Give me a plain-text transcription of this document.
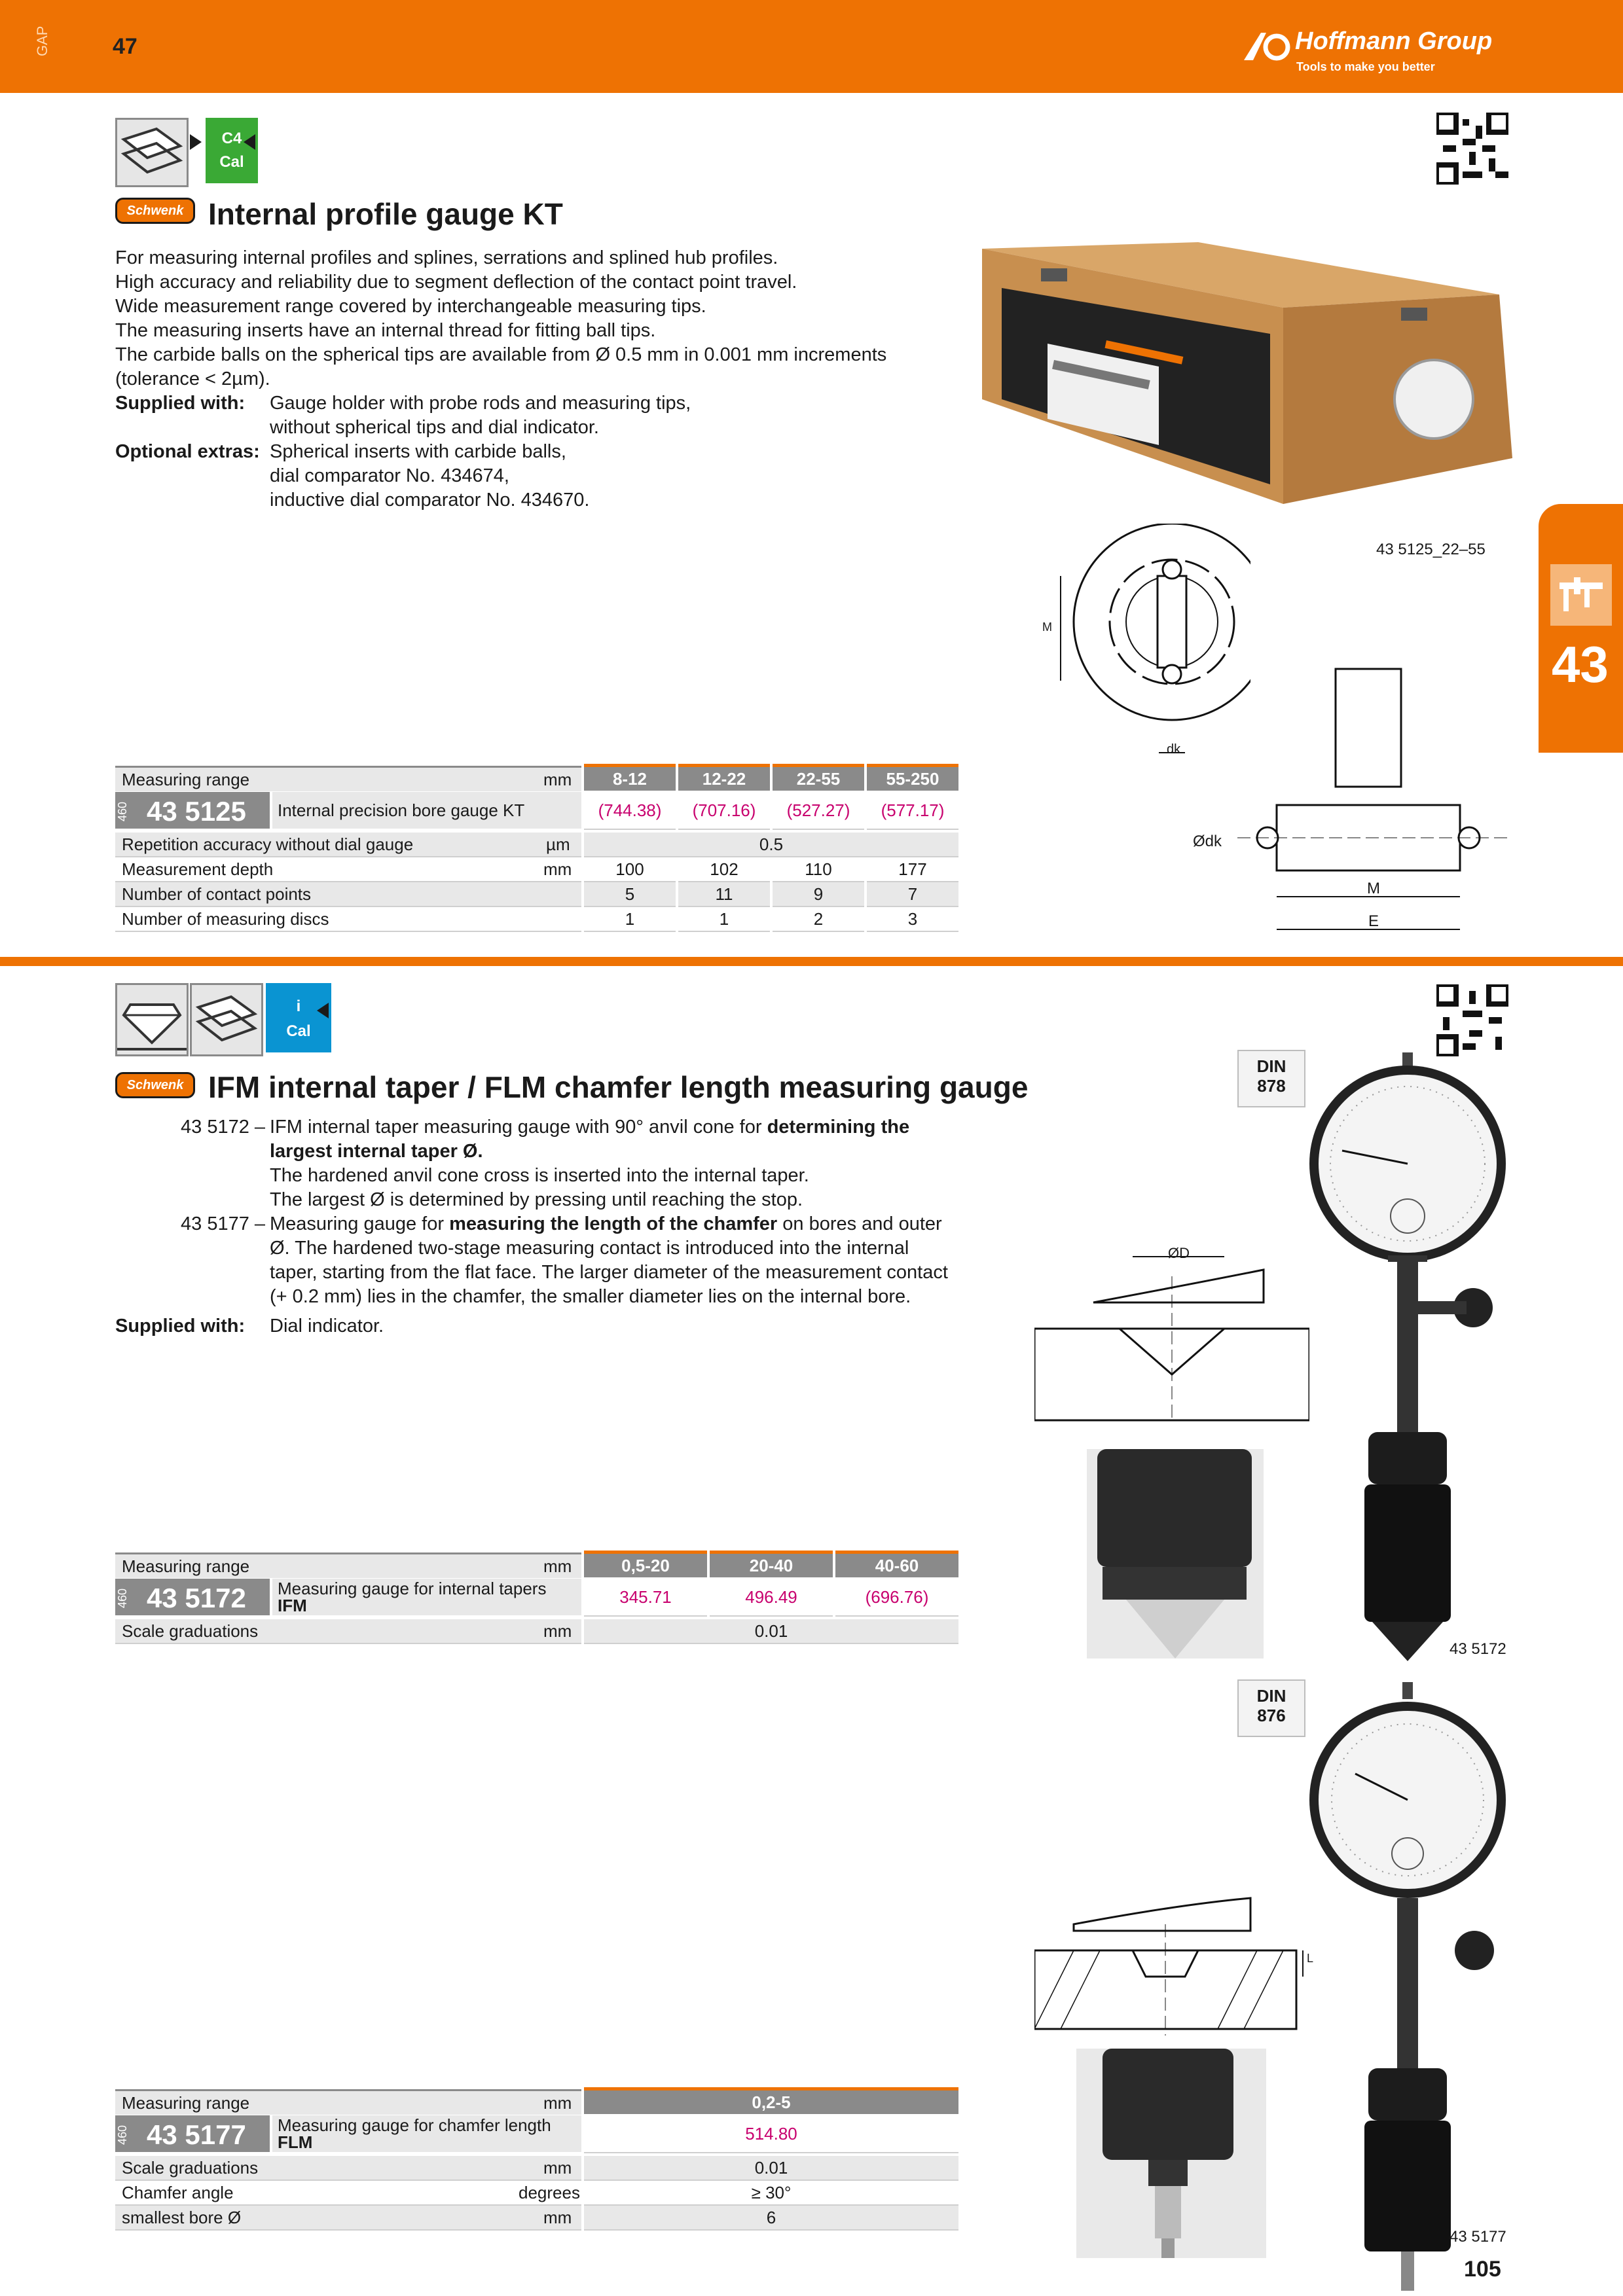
GAP	47	Hoffmann Group
Tools to make you better
43
C4
Cal
Schwenk Internal profile gauge KT
For measuring internal profiles and splines, serrations and splined hub profiles.
High accuracy and reliability due to segment deflection of the contact point travel.
Wide measurement range covered by interchangeable measuring tips.
The measuring inserts have an internal thread for fitting ball tips.
The carbide balls on the spherical tips are available from Ø 0.5 mm in 0.001 mm increments
(tolerance < 2µm).
Supplied with: Gauge holder with probe rods and measuring tips,
without spherical tips and dial indicator.
Optional extras: Spherical inserts with carbide balls,
dial comparator No. 434674,
inductive dial comparator No. 434670.
43 5125_22–55
M
dk
Ødk
M
E
Measuring range	mm	8-12	12-22	22-55	55-250
460 43 5125 Internal precision bore gauge KT	(744.38)	(707.16)	(527.27)	(577.17)
Repetition accuracy without dial gauge	µm	0.5
Measurement depth	mm	100	102	110	177
Number of contact points	5	11	9	7
Number of measuring discs	1	1	2	3
i
Cal
Schwenk IFM internal taper / FLM chamfer length measuring gauge
43 5172 – IFM internal taper measuring gauge with 90° anvil cone for determining the largest internal taper Ø.
The hardened anvil cone cross is inserted into the internal taper.
The largest Ø is determined by pressing until reaching the stop.
43 5177 – Measuring gauge for measuring the length of the chamfer on bores and outer
Ø. The hardened two-stage measuring contact is introduced into the internal
taper, starting from the flat face. The larger diameter of the measurement contact
(+ 0.2 mm) lies in the chamfer, the smaller diameter lies on the internal bore.
Supplied with: Dial indicator.
DIN
878
DIN
876
43 5172
ØD
43 5177
L
Measuring range	mm	0,5-20	20-40	40-60
460 43 5172 Measuring gauge for internal tapers
IFM	345.71	496.49	(696.76)
Scale graduations	mm	0.01
Measuring range	mm	0,2-5
460 43 5177 Measuring gauge for chamfer length
FLM	514.80
Scale graduations	mm	0.01
Chamfer angle	degrees	≥ 30°
smallest bore Ø	mm	6
105
